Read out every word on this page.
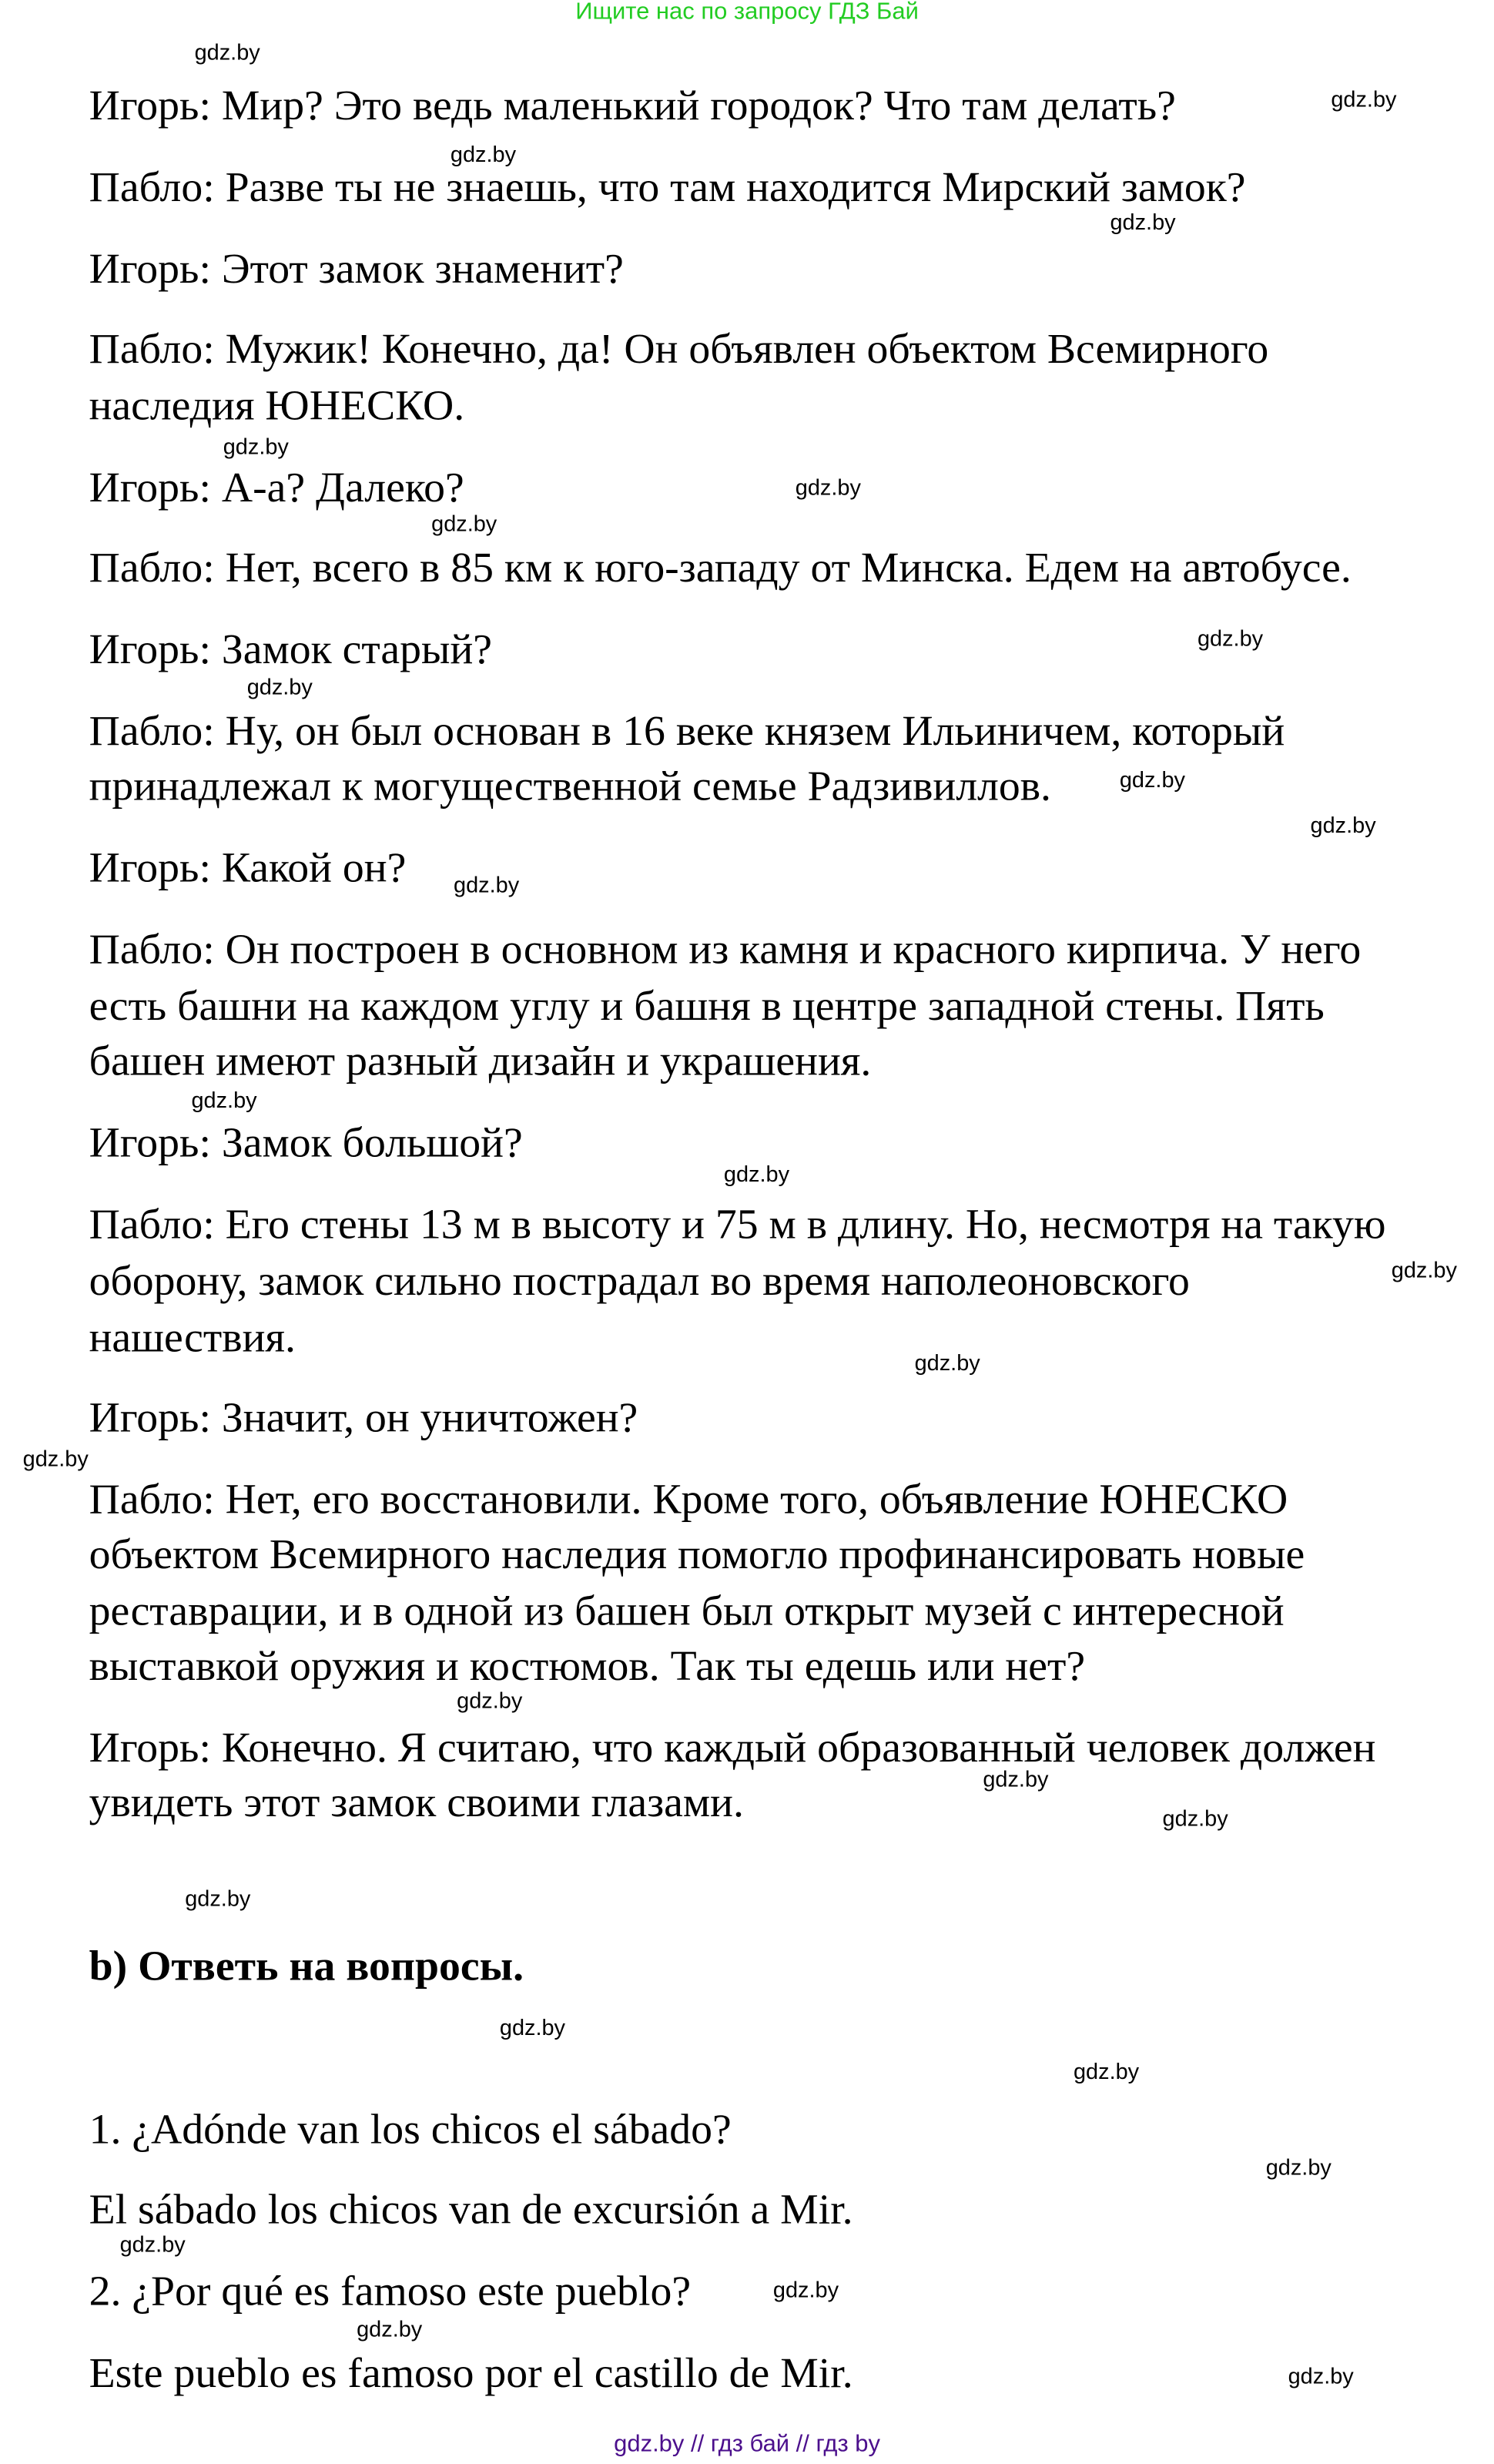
Ищите нас по запросу ГДЗ Бай
Игорь: Мир? Это ведь маленький городок? Что там делать?
Пабло: Разве ты не знаешь, что там находится Мирский замок?
Игорь: Этот замок знаменит?
Пабло: Мужик! Конечно, да! Он объявлен объектом Всемирного
наследия ЮНЕСКО.
Игорь: А-а? Далеко?
Пабло: Нет, всего в 85 км к юго-западу от Минска. Едем на автобусе.
Игорь: Замок старый?
Пабло: Ну, он был основан в 16 веке князем Ильиничем, который
принадлежал к могущественной семье Радзивиллов.
Игорь: Какой он?
Пабло: Он построен в основном из камня и красного кирпича. У него
есть башни на каждом углу и башня в центре западной стены. Пять
башен имеют разный дизайн и украшения.
Игорь: Замок большой?
Пабло: Его стены 13 м в высоту и 75 м в длину. Но, несмотря на такую
оборону, замок сильно пострадал во время наполеоновского
нашествия.
Игорь: Значит, он уничтожен?
Пабло: Нет, его восстановили. Кроме того, объявление ЮНЕСКО
объектом Всемирного наследия помогло профинансировать новые
реставрации, и в одной из башен был открыт музей с интересной
выставкой оружия и костюмов. Так ты едешь или нет?
Игорь: Конечно. Я считаю, что каждый образованный человек должен
увидеть этот замок своими глазами.
b) Ответь на вопросы.
1. ¿Adónde van los chicos el sábado?
El sábado los chicos van de excursión a Mir.
2. ¿Por qué es famoso este pueblo?
Este pueblo es famoso por el castillo de Mir.
gdz.by
gdz.by
gdz.by
gdz.by
gdz.by
gdz.by
gdz.by
gdz.by
gdz.by
gdz.by
gdz.by
gdz.by
gdz.by
gdz.by
gdz.by
gdz.by
gdz.by
gdz.by
gdz.by
gdz.by
gdz.by
gdz.by
gdz.by
gdz.by
gdz.by
gdz.by
gdz.by
gdz.by
gdz.by // гдз бай // гдз by
